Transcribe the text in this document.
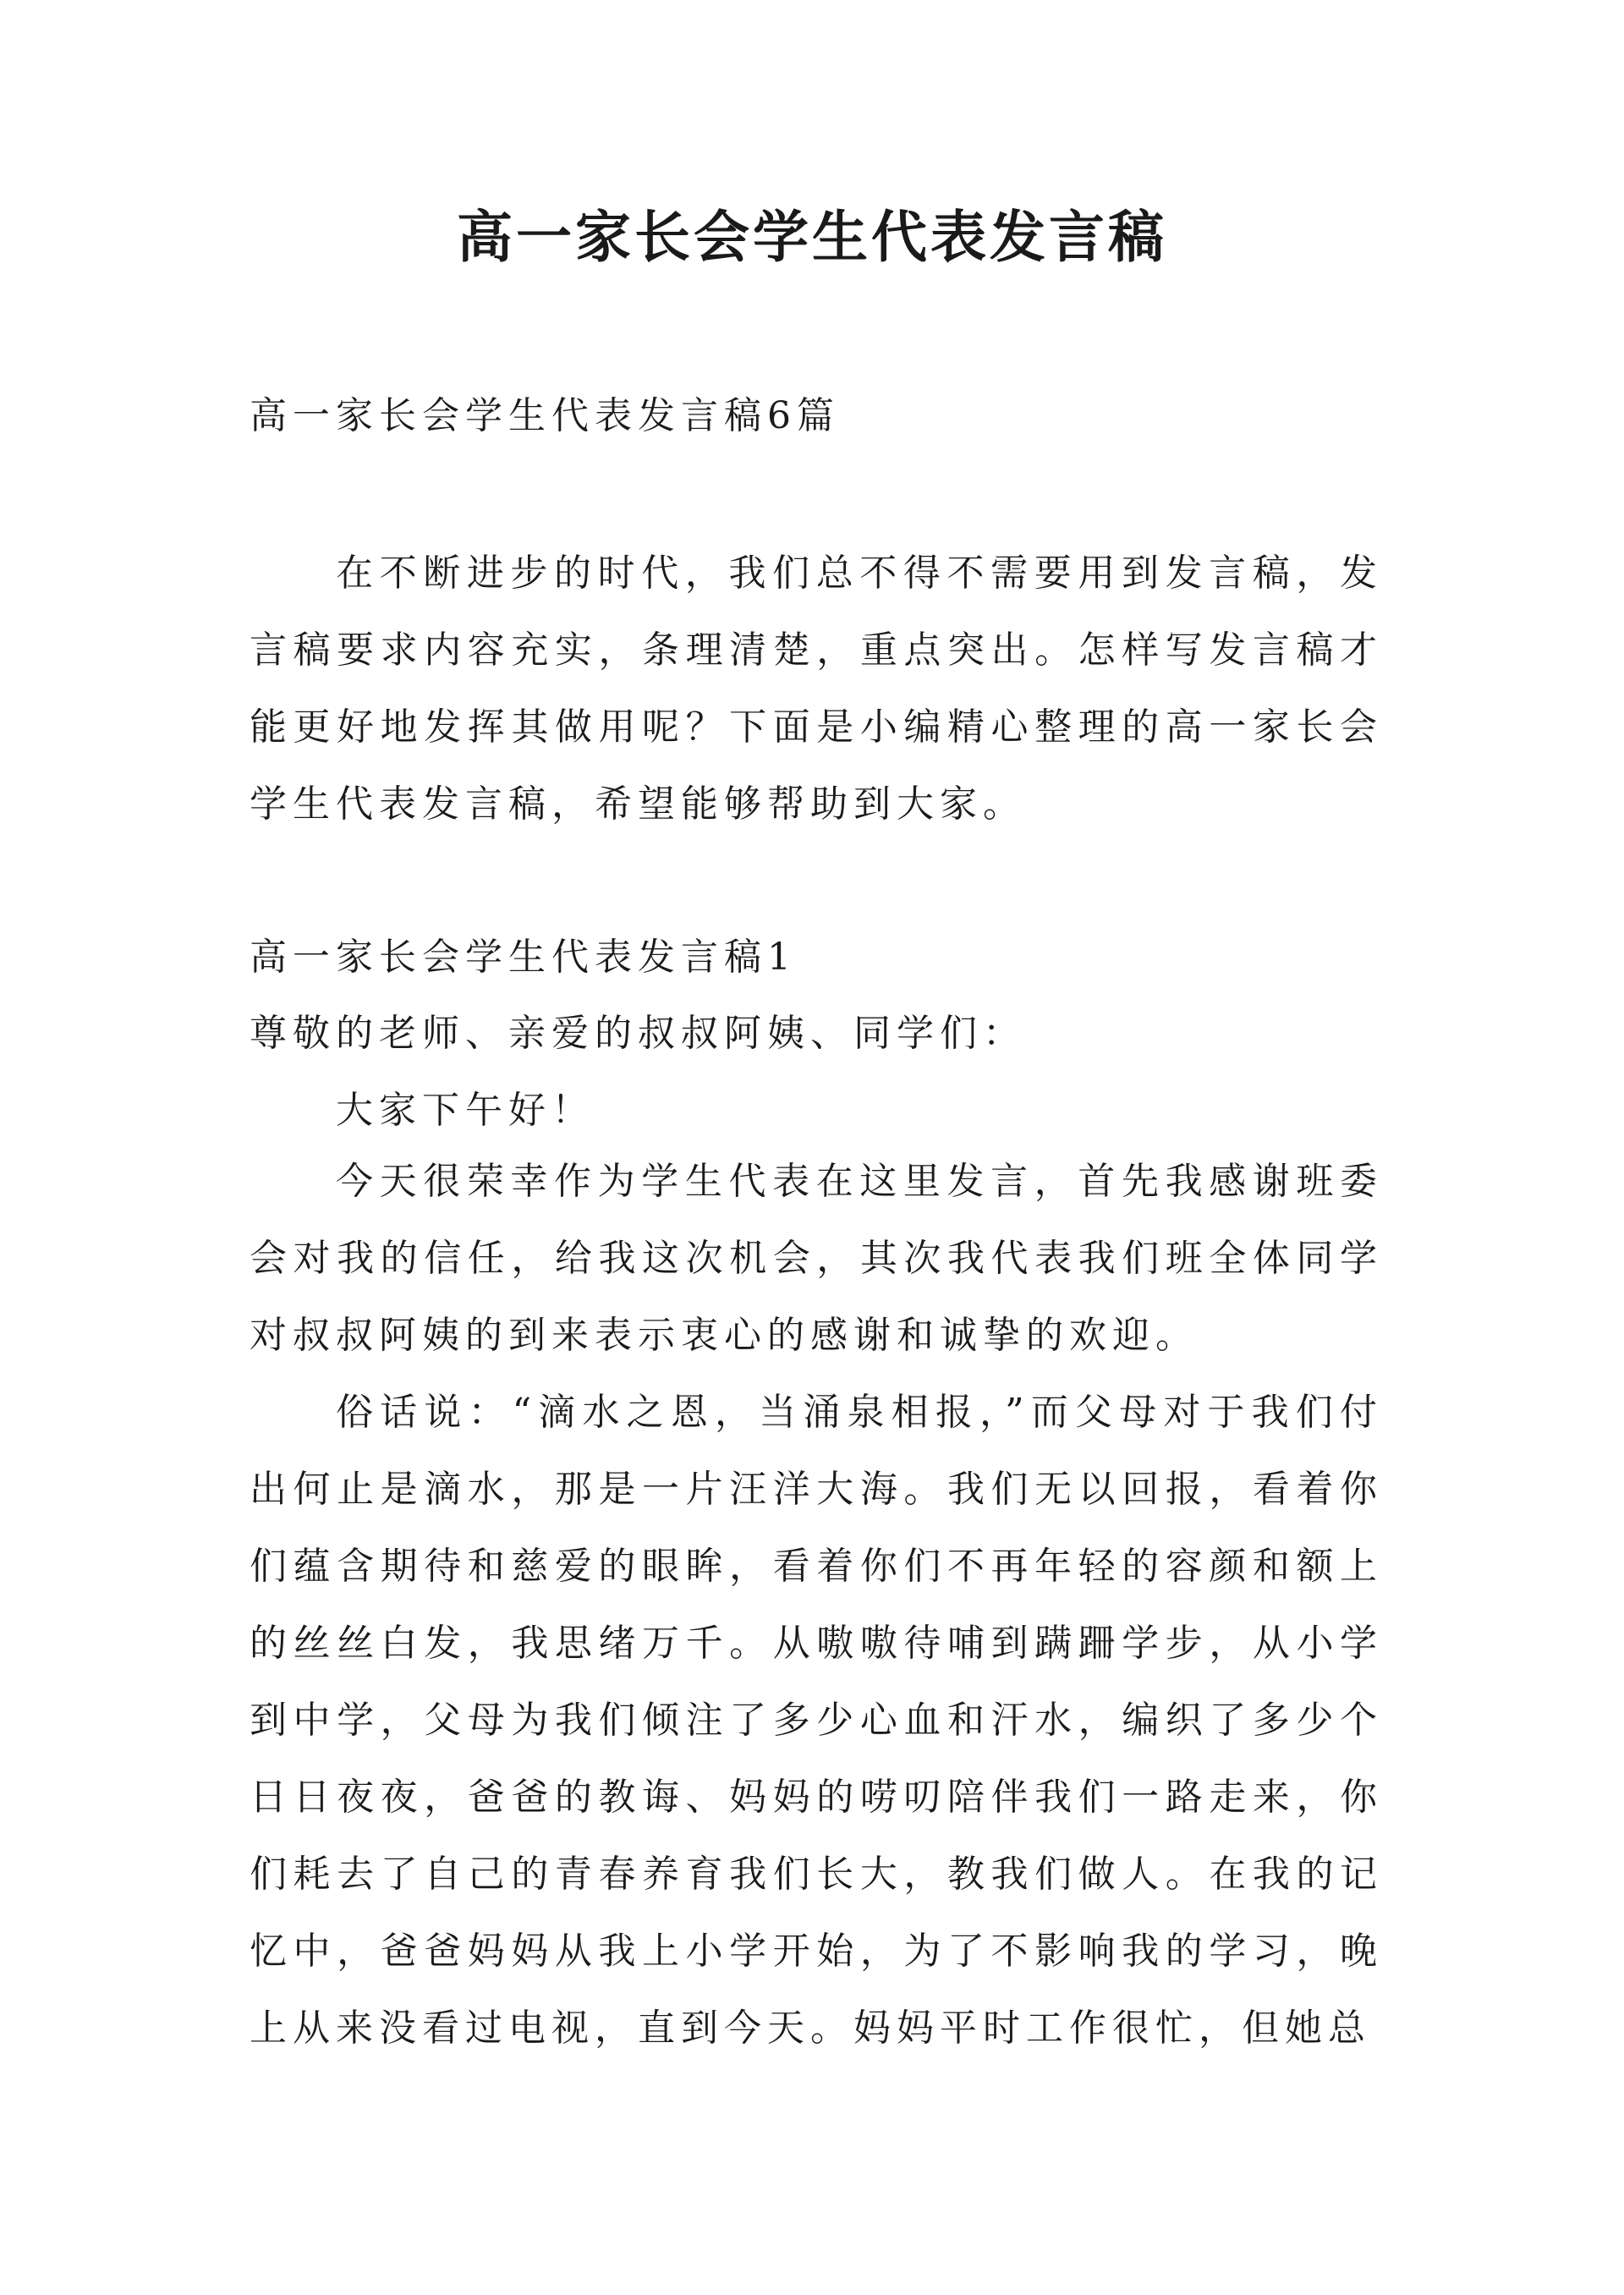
高一家长会学生代表发言稿
高一家长会学生代表发言稿6篇
在不断进步的时代，我们总不得不需要用到发言稿，发言稿要求内容充实，条理清楚，重点突出。怎样写发言稿才能更好地发挥其做用呢？下面是小编精心整理的高一家长会学生代表发言稿，希望能够帮助到大家。
高一家长会学生代表发言稿1
尊敬的老师、亲爱的叔叔阿姨、同学们：
大家下午好！
今天很荣幸作为学生代表在这里发言，首先我感谢班委会对我的信任，给我这次机会，其次我代表我们班全体同学对叔叔阿姨的到来表示衷心的感谢和诚挚的欢迎。
俗话说：“滴水之恩，当涌泉相报，”而父母对于我们付出何止是滴水，那是一片汪洋大海。我们无以回报，看着你们蕴含期待和慈爱的眼眸，看着你们不再年轻的容颜和额上的丝丝白发，我思绪万千。从嗷嗷待哺到蹒跚学步，从小学到中学，父母为我们倾注了多少心血和汗水，编织了多少个日日夜夜，爸爸的教诲、妈妈的唠叨陪伴我们一路走来，你们耗去了自己的青春养育我们长大，教我们做人。在我的记忆中，爸爸妈妈从我上小学开始，为了不影响我的学习，晚上从来没看过电视，直到今天。妈妈平时工作很忙，但她总
